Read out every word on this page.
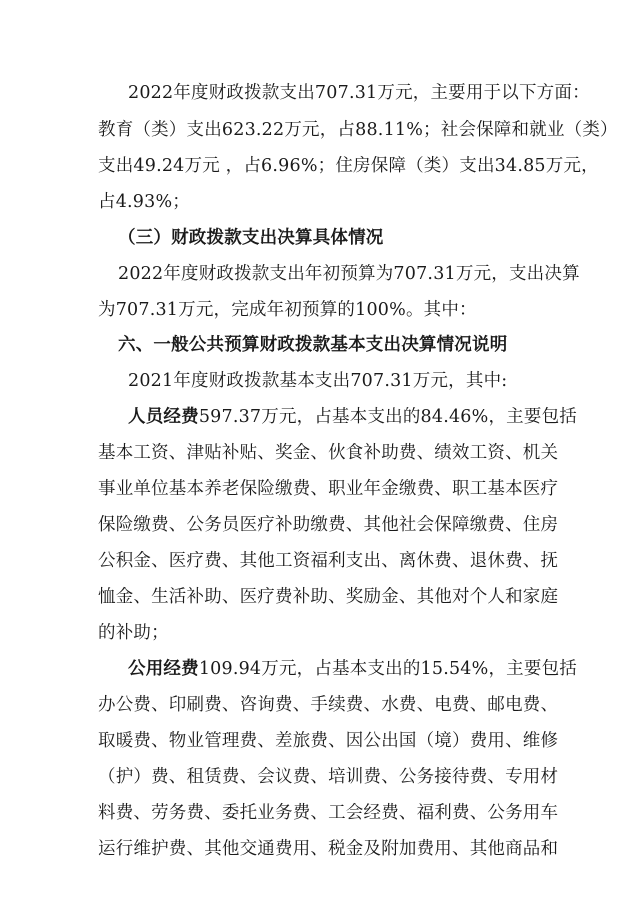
2022年度财政拨款支出707.31万元，主要用于以下方面：
教育（类）支出623.22万元，占88.11%；社会保障和就业（类）
支出49.24万元 ，占6.96%；住房保障（类）支出34.85万元，
占4.93%；
（三）财政拨款支出决算具体情况
2022年度财政拨款支出年初预算为707.31万元，支出决算
为707.31万元，完成年初预算的100%。其中：
六、一般公共预算财政拨款基本支出决算情况说明
2021年度财政拨款基本支出707.31万元，其中:
人员经费597.37万元，占基本支出的84.46%，主要包括
基本工资、津贴补贴、奖金、伙食补助费、绩效工资、机关
事业单位基本养老保险缴费、职业年金缴费、职工基本医疗
保险缴费、公务员医疗补助缴费、其他社会保障缴费、住房
公积金、医疗费、其他工资福利支出、离休费、退休费、抚
恤金、生活补助、医疗费补助、奖励金、其他对个人和家庭
的补助；
公用经费109.94万元，占基本支出的15.54%，主要包括
办公费、印刷费、咨询费、手续费、水费、电费、邮电费、
取暖费、物业管理费、差旅费、因公出国（境）费用、维修
（护）费、租赁费、会议费、培训费、公务接待费、专用材
料费、劳务费、委托业务费、工会经费、福利费、公务用车
运行维护费、其他交通费用、税金及附加费用、其他商品和
